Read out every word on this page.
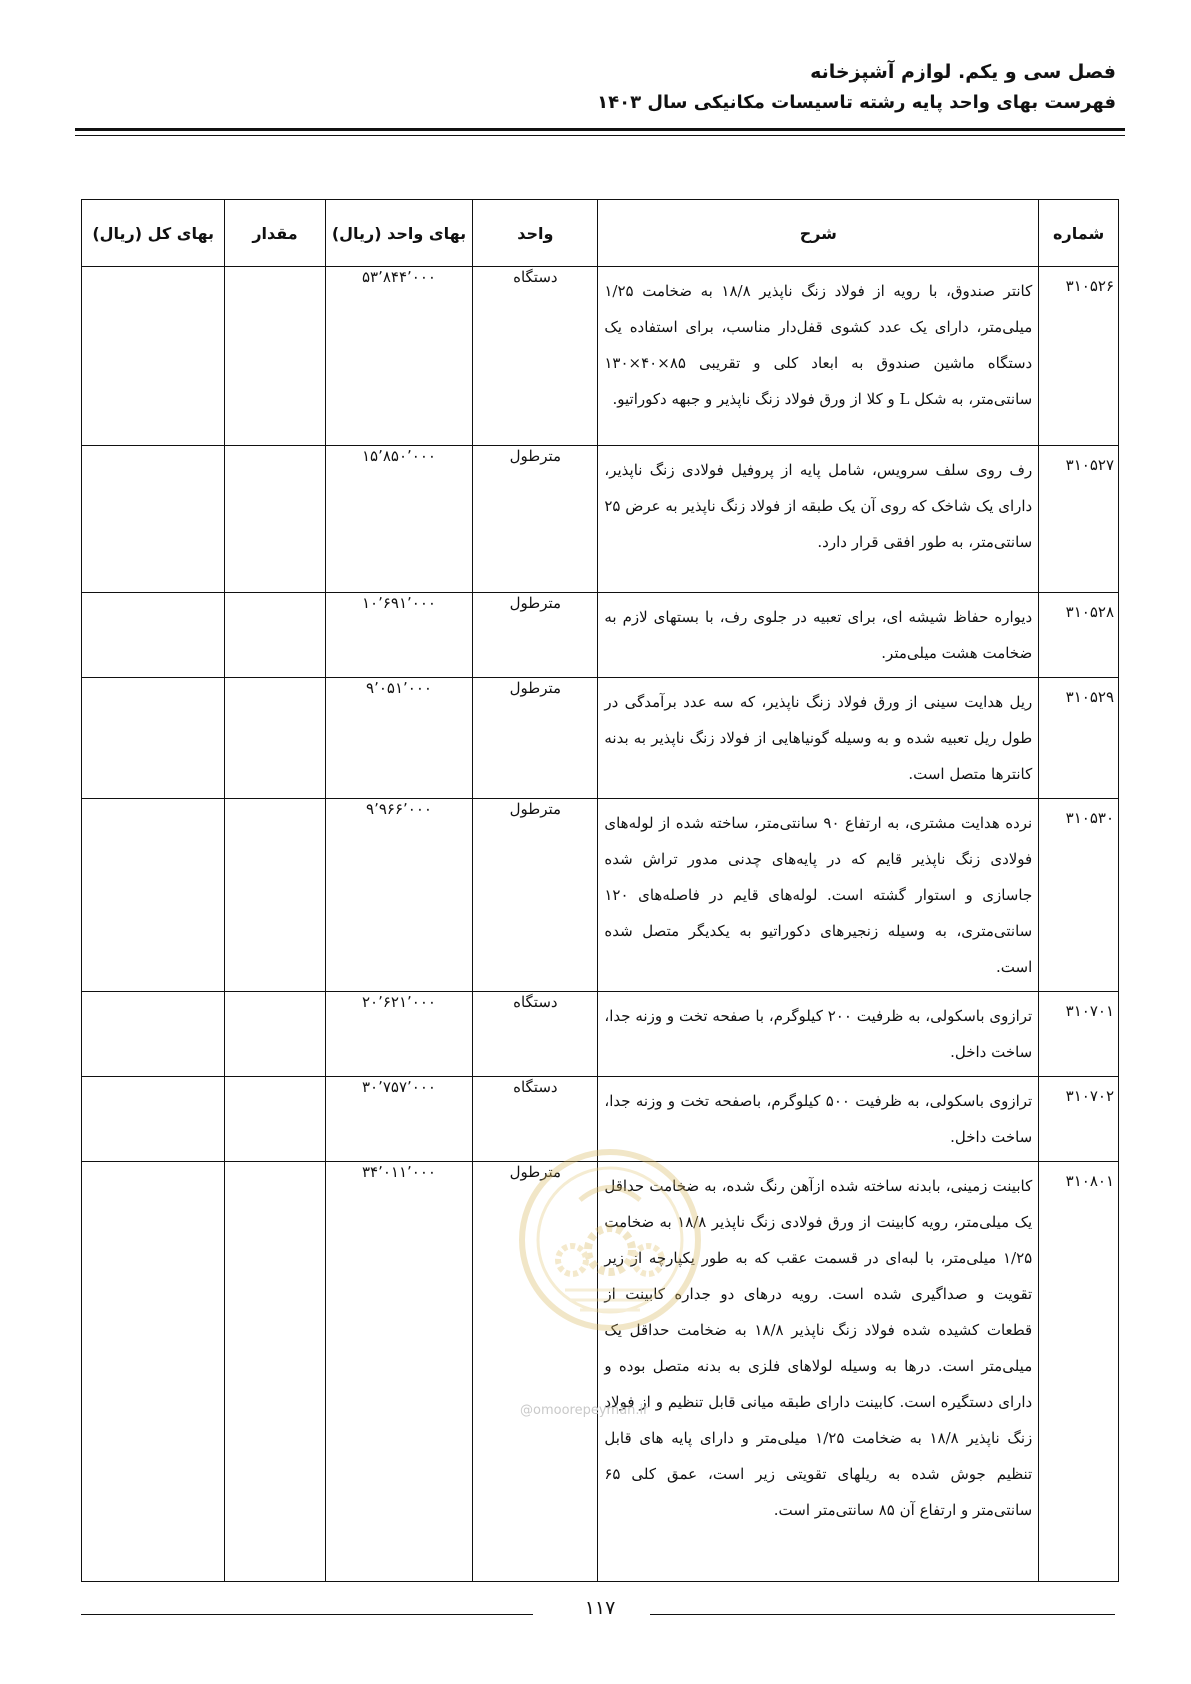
فصل سی و یکم. لوازم آشپزخانه
فهرست بهای واحد پایه رشته تاسیسات مکانیکی سال ۱۴۰۳
شماره	شرح	واحد	بهای واحد (ریال)	مقدار	بهای کل (ریال)
۳۱۰۵۲۶	کانتر صندوق، با رویه از فولاد زنگ ناپذیر ۱۸/۸ به ضخامت ۱/۲۵ میلی‌متر، دارای یک عدد کشوی قفل‌دار مناسب، برای استفاده یک دستگاه ماشین صندوق به ابعاد کلی و تقریبی ۸۵×۴۰×۱۳۰ سانتی‌متر، به شکل L و کلا از ورق فولاد زنگ ناپذیر و جبهه دکوراتیو.	دستگاه	۵۳٬۸۴۴٬۰۰۰		
۳۱۰۵۲۷	رف روی سلف سرویس، شامل پایه از پروفیل فولادی زنگ ناپذیر، دارای یک شاخک که روی آن یک طبقه از فولاد زنگ ناپذیر به عرض ۲۵ سانتی‌متر، به طور افقی قرار دارد.	مترطول	۱۵٬۸۵۰٬۰۰۰		
۳۱۰۵۲۸	دیواره حفاظ شیشه ای، برای تعبیه در جلوی رف، با بستهای لازم به ضخامت هشت میلی‌متر.	مترطول	۱۰٬۶۹۱٬۰۰۰		
۳۱۰۵۲۹	ریل هدایت سینی از ورق فولاد زنگ ناپذیر، که سه عدد برآمدگی در طول ریل تعبیه شده و به وسیله گونیاهایی از فولاد زنگ ناپذیر به بدنه کانترها متصل است.	مترطول	۹٬۰۵۱٬۰۰۰		
۳۱۰۵۳۰	نرده هدایت مشتری، به ارتفاع ۹۰ سانتی‌متر، ساخته شده از لوله‌های فولادی زنگ ناپذیر قایم که در پایه‌های چدنی مدور تراش شده جاسازی و استوار گشته است. لوله‌های قایم در فاصله‌های ۱۲۰ سانتی‌متری، به وسیله زنجیرهای دکوراتیو به یکدیگر متصل شده است.	مترطول	۹٬۹۶۶٬۰۰۰		
۳۱۰۷۰۱	ترازوی باسکولی، به ظرفیت ۲۰۰ کیلوگرم، با صفحه تخت و وزنه جدا، ساخت داخل.	دستگاه	۲۰٬۶۲۱٬۰۰۰		
۳۱۰۷۰۲	ترازوی باسکولی، به ظرفیت ۵۰۰ کیلوگرم، باصفحه تخت و وزنه جدا، ساخت داخل.	دستگاه	۳۰٬۷۵۷٬۰۰۰		
۳۱۰۸۰۱	کابینت زمینی، بابدنه ساخته شده ازآهن رنگ شده، به ضخامت حداقل یک میلی‌متر، رویه کابینت از ورق فولادی زنگ ناپذیر ۱۸/۸ به ضخامت ۱/۲۵ میلی‌متر، با لبه‌ای در قسمت عقب که به طور یکپارچه از زیر تقویت و صداگیری شده است. رویه درهای دو جداره کابینت از قطعات کشیده شده فولاد زنگ ناپذیر ۱۸/۸ به ضخامت حداقل یک میلی‌متر است. درها به وسیله لولاهای فلزی به بدنه متصل بوده و دارای دستگیره است. کابینت دارای طبقه میانی قابل تنظیم و از فولاد زنگ ناپذیر ۱۸/۸ به ضخامت ۱/۲۵ میلی‌متر و دارای پایه های قابل تنظیم جوش شده به ریلهای تقویتی زیر است، عمق کلی ۶۵ سانتی‌متر و ارتفاع آن ۸۵ سانتی‌متر است.	مترطول	۳۴٬۰۱۱٬۰۰۰		
@omoorepeyman.ir
۱۱۷
